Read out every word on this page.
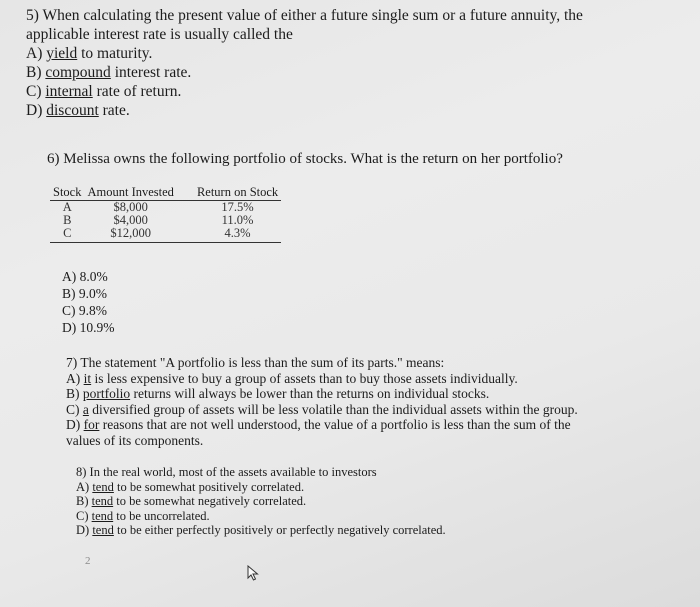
5) When calculating the present value of either a future single sum or a future annuity, the
applicable interest rate is usually called the
A) yield to maturity.
B) compound interest rate.
C) internal rate of return.
D) discount rate.
6) Melissa owns the following portfolio of stocks. What is the return on her portfolio?
Stock	Amount Invested	Return on Stock
A	$8,000	17.5%
B	$4,000	11.0%
C	$12,000	4.3%
A) 8.0%
B) 9.0%
C) 9.8%
D) 10.9%
7) The statement "A portfolio is less than the sum of its parts." means:
A) it is less expensive to buy a group of assets than to buy those assets individually.
B) portfolio returns will always be lower than the returns on individual stocks.
C) a diversified group of assets will be less volatile than the individual assets within the group.
D) for reasons that are not well understood, the value of a portfolio is less than the sum of the
values of its components.
8) In the real world, most of the assets available to investors
A) tend to be somewhat positively correlated.
B) tend to be somewhat negatively correlated.
C) tend to be uncorrelated.
D) tend to be either perfectly positively or perfectly negatively correlated.
2
